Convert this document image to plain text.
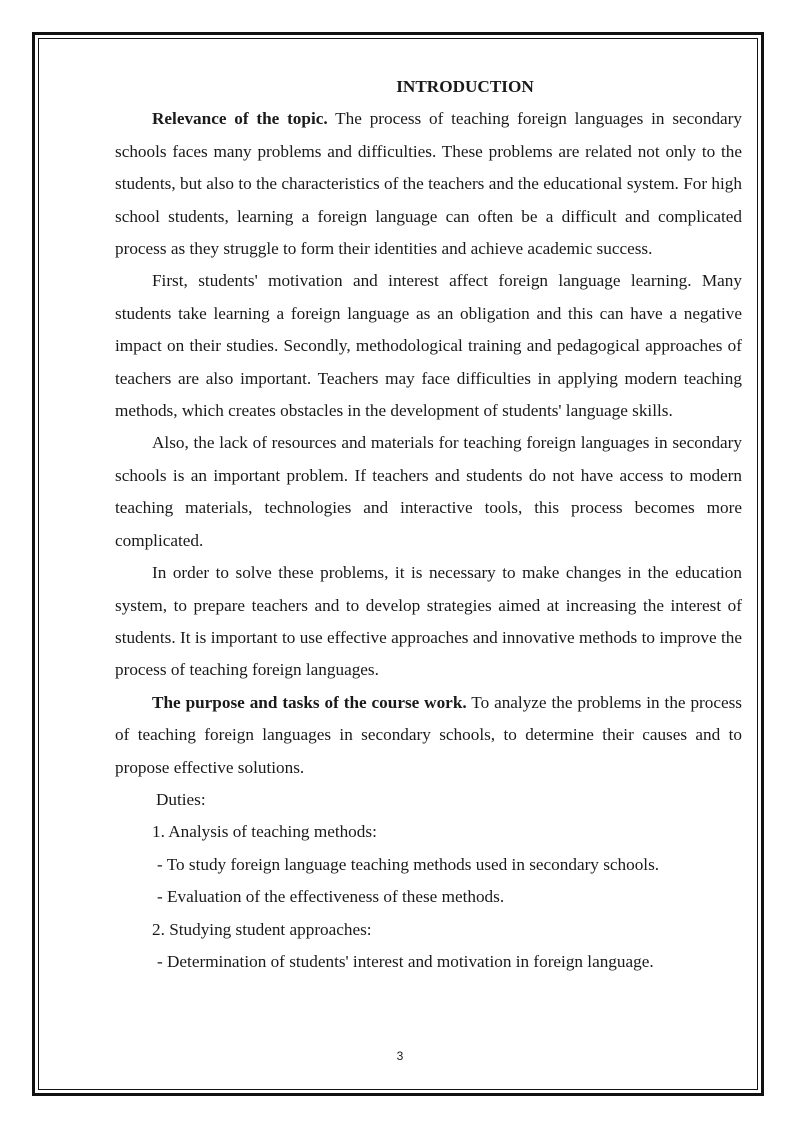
INTRODUCTION

Relevance of the topic. The process of teaching foreign languages in secondary schools faces many problems and difficulties. These problems are related not only to the students, but also to the characteristics of the teachers and the educational system. For high school students, learning a foreign language can often be a difficult and complicated process as they struggle to form their identities and achieve academic success.

First, students' motivation and interest affect foreign language learning. Many students take learning a foreign language as an obligation and this can have a negative impact on their studies. Secondly, methodological training and pedagogical approaches of teachers are also important. Teachers may face difficulties in applying modern teaching methods, which creates obstacles in the development of students' language skills.

Also, the lack of resources and materials for teaching foreign languages in secondary schools is an important problem. If teachers and students do not have access to modern teaching materials, technologies and interactive tools, this process becomes more complicated.

In order to solve these problems, it is necessary to make changes in the education system, to prepare teachers and to develop strategies aimed at increasing the interest of students. It is important to use effective approaches and innovative methods to improve the process of teaching foreign languages.

The purpose and tasks of the course work. To analyze the problems in the process of teaching foreign languages in secondary schools, to determine their causes and to propose effective solutions.

Duties:

1. Analysis of teaching methods:

- To study foreign language teaching methods used in secondary schools.

- Evaluation of the effectiveness of these methods.

2. Studying student approaches:

- Determination of students' interest and motivation in foreign language.

3
